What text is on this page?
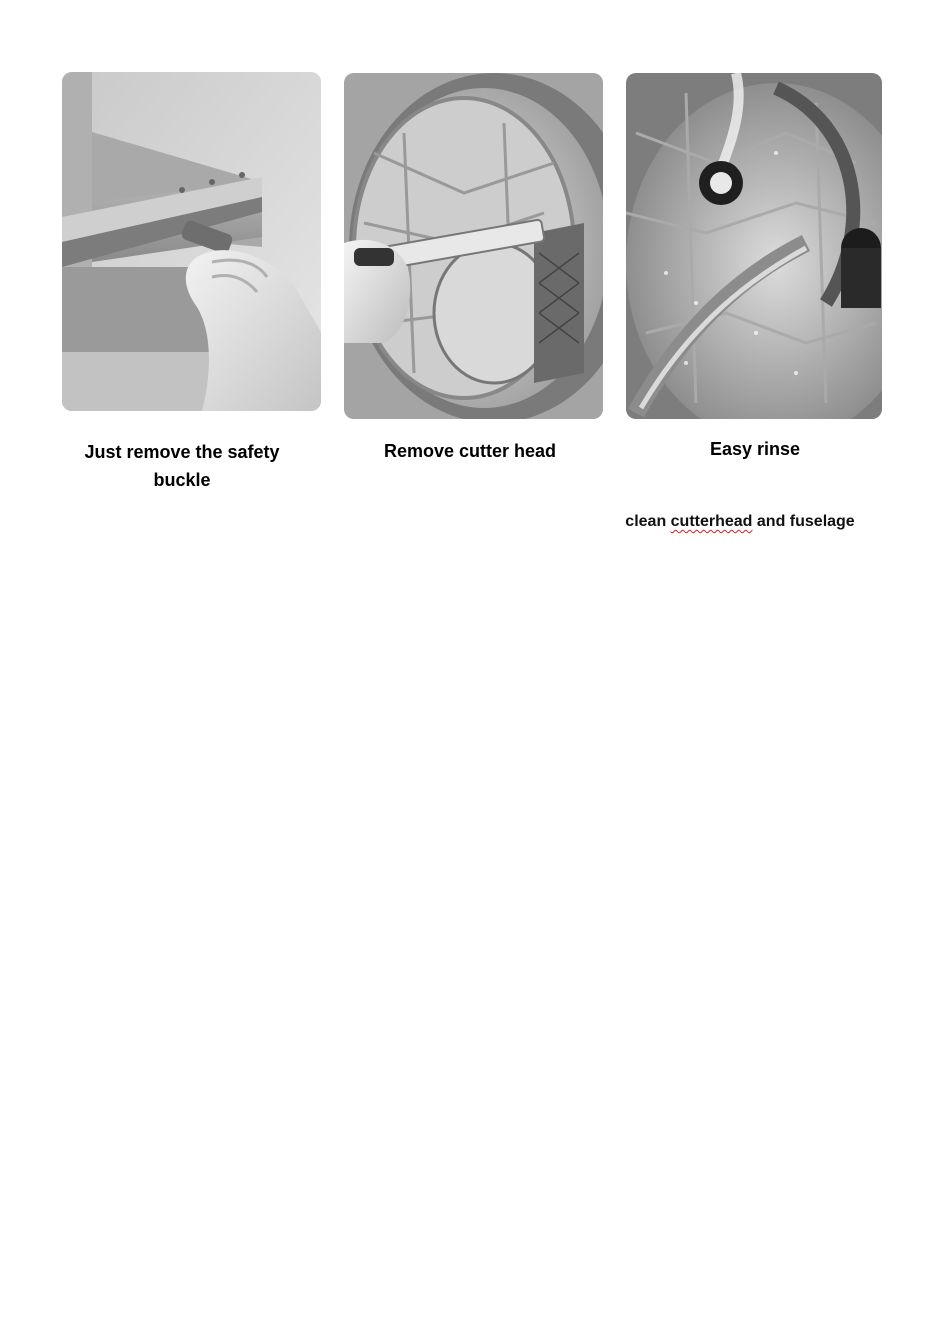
Just remove the safety buckle
Remove cutter head	Easy rinse
clean cutterhead and fuselage
